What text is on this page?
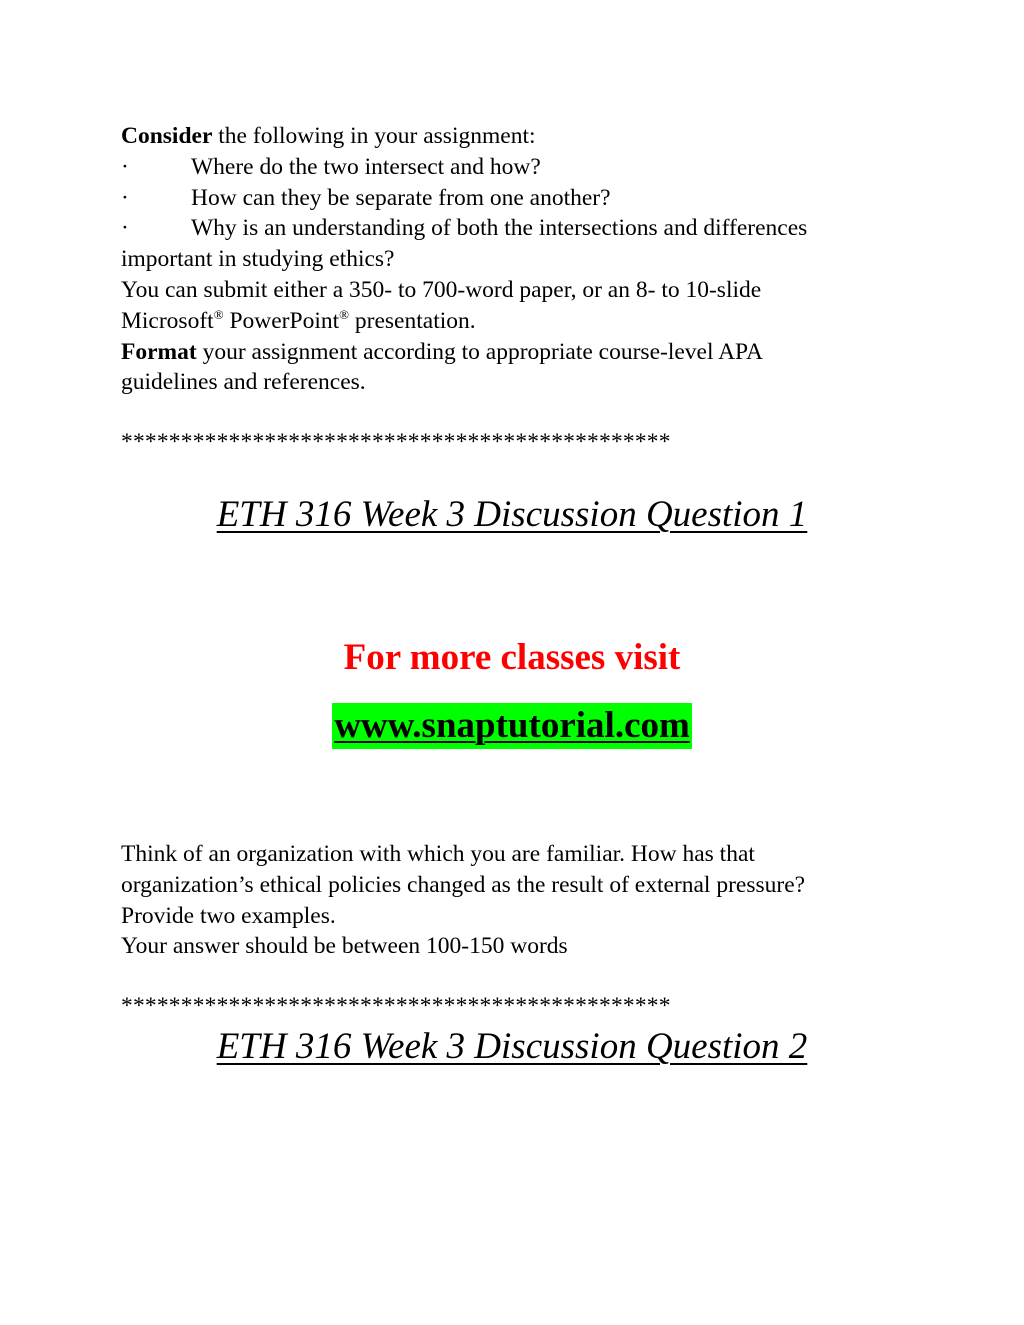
Consider the following in your assignment:
·	Where do the two intersect and how?
·	How can they be separate from one another?
·	Why is an understanding of both the intersections and differences
important in studying ethics?
You can submit either a 350- to 700-word paper, or an 8- to 10-slide
Microsoft® PowerPoint® presentation.
Format your assignment according to appropriate course-level APA
guidelines and references.
**********************************************
ETH 316 Week 3 Discussion Question 1
For more classes visit
www.snaptutorial.com
Think of an organization with which you are familiar. How has that
organization’s ethical policies changed as the result of external pressure?
Provide two examples.
Your answer should be between 100-150 words
**********************************************
ETH 316 Week 3 Discussion Question 2
